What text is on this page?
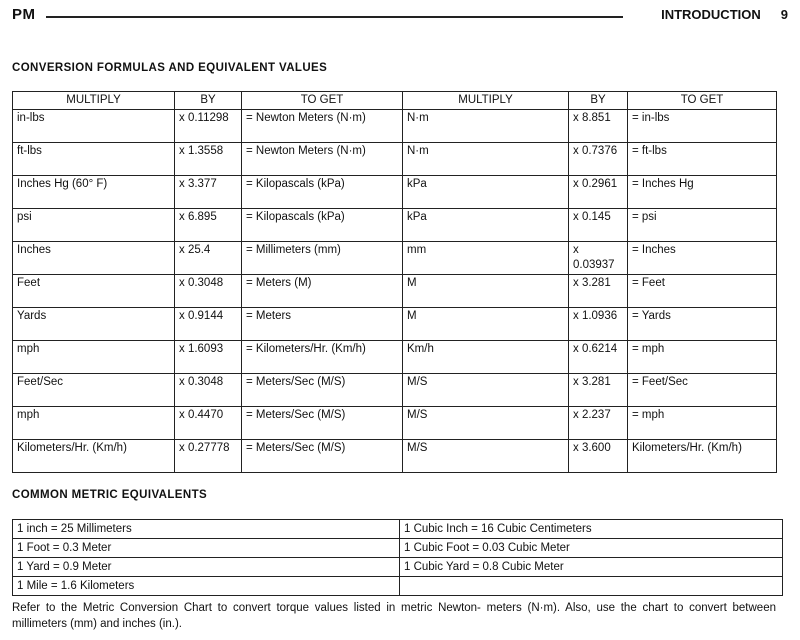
PM	INTRODUCTION 9
CONVERSION FORMULAS AND EQUIVALENT VALUES
MULTIPLY	BY	TO GET	MULTIPLY	BY	TO GET
in-lbs	x 0.11298	= Newton Meters (N·m)	N·m	x 8.851	= in-lbs
ft-lbs	x 1.3558	= Newton Meters (N·m)	N·m	x 0.7376	= ft-lbs
Inches Hg (60° F)	x 3.377	= Kilopascals (kPa)	kPa	x 0.2961	= Inches Hg
psi	x 6.895	= Kilopascals (kPa)	kPa	x 0.145	= psi
Inches	x 25.4	= Millimeters (mm)	mm	x 0.03937	= Inches
Feet	x 0.3048	= Meters (M)	M	x 3.281	= Feet
Yards	x 0.9144	= Meters	M	x 1.0936	= Yards
mph	x 1.6093	= Kilometers/Hr. (Km/h)	Km/h	x 0.6214	= mph
Feet/Sec	x 0.3048	= Meters/Sec (M/S)	M/S	x 3.281	= Feet/Sec
mph	x 0.4470	= Meters/Sec (M/S)	M/S	x 2.237	= mph
Kilometers/Hr. (Km/h)	x 0.27778	= Meters/Sec (M/S)	M/S	x 3.600	Kilometers/Hr. (Km/h)
COMMON METRIC EQUIVALENTS
1 inch = 25 Millimeters	1 Cubic Inch = 16 Cubic Centimeters
1 Foot = 0.3 Meter	1 Cubic Foot = 0.03 Cubic Meter
1 Yard = 0.9 Meter	1 Cubic Yard = 0.8 Cubic Meter
1 Mile = 1.6 Kilometers	
Refer to the Metric Conversion Chart to convert torque values listed in metric Newton- meters (N·m). Also, use the chart to convert between millimeters (mm) and inches (in.).
